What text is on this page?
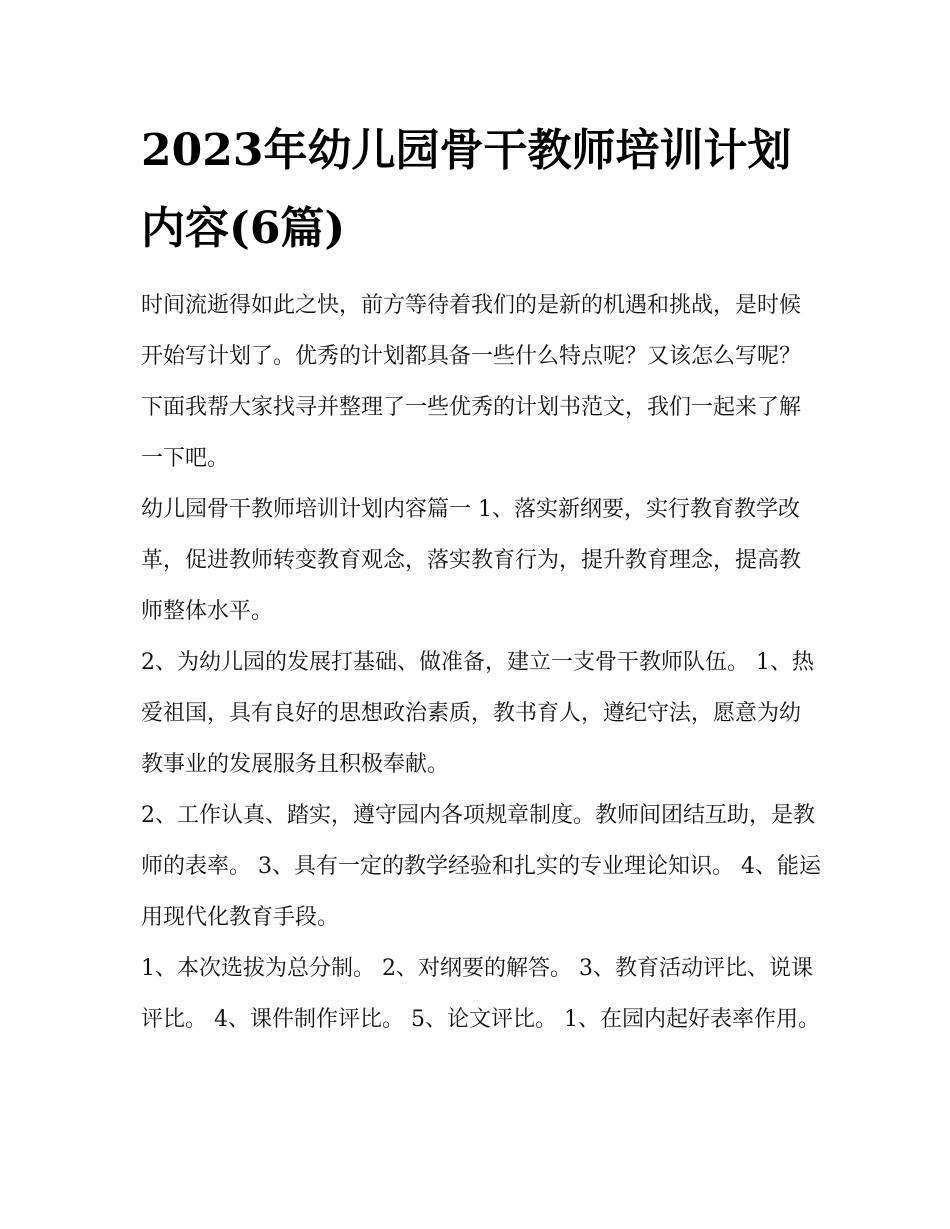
2023年幼儿园骨干教师培训计划内容(6篇)

时间流逝得如此之快，前方等待着我们的是新的机遇和挑战，是时候开始写计划了。优秀的计划都具备一些什么特点呢？又该怎么写呢？下面我帮大家找寻并整理了一些优秀的计划书范文，我们一起来了解一下吧。

幼儿园骨干教师培训计划内容篇一 1、落实新纲要，实行教育教学改革，促进教师转变教育观念，落实教育行为，提升教育理念，提高教师整体水平。

2、为幼儿园的发展打基础、做准备，建立一支骨干教师队伍。 1、热爱祖国，具有良好的思想政治素质，教书育人，遵纪守法，愿意为幼教事业的发展服务且积极奉献。

2、工作认真、踏实，遵守园内各项规章制度。教师间团结互助，是教师的表率。 3、具有一定的教学经验和扎实的专业理论知识。 4、能运用现代化教育手段。

1、本次选拔为总分制。 2、对纲要的解答。 3、教育活动评比、说课评比。 4、课件制作评比。 5、论文评比。 1、在园内起好表率作用。
